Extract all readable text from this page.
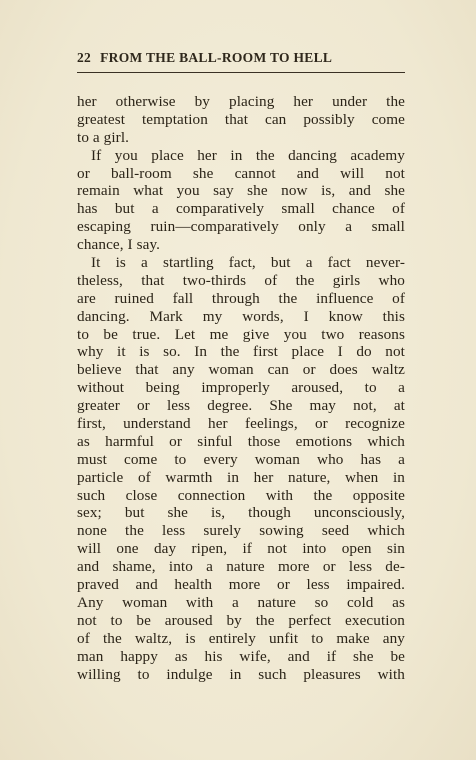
22 FROM THE BALL-ROOM TO HELL
her otherwise by placing her under the
greatest temptation that can possibly come
to a girl.
If you place her in the dancing academy
or ball-room she cannot and will not
remain what you say she now is, and she
has but a comparatively small chance of
escaping ruin—comparatively only a small
chance, I say.
It is a startling fact, but a fact never-
theless, that two-thirds of the girls who
are ruined fall through the influence of
dancing. Mark my words, I know this
to be true. Let me give you two reasons
why it is so. In the first place I do not
believe that any woman can or does waltz
without being improperly aroused, to a
greater or less degree. She may not, at
first, understand her feelings, or recognize
as harmful or sinful those emotions which
must come to every woman who has a
particle of warmth in her nature, when in
such close connection with the opposite
sex; but she is, though unconsciously,
none the less surely sowing seed which
will one day ripen, if not into open sin
and shame, into a nature more or less de-
praved and health more or less impaired.
Any woman with a nature so cold as
not to be aroused by the perfect execution
of the waltz, is entirely unfit to make any
man happy as his wife, and if she be
willing to indulge in such pleasures with
